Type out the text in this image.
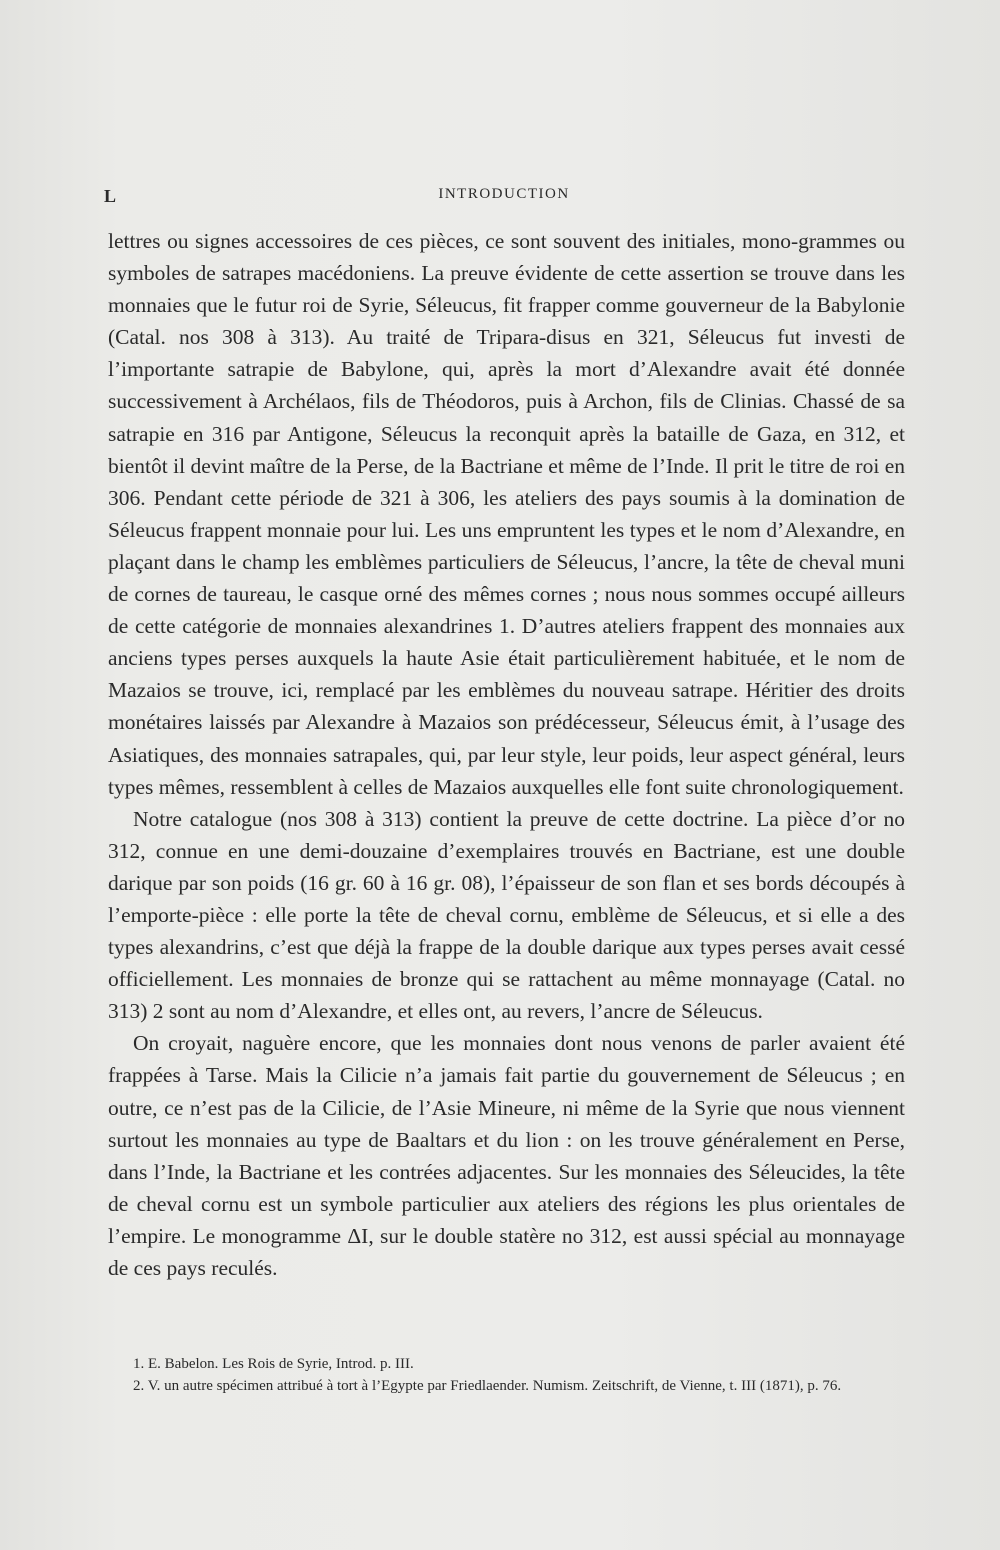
L	INTRODUCTION

lettres ou signes accessoires de ces pièces, ce sont souvent des initiales, mono-grammes ou symboles de satrapes macédoniens. La preuve évidente de cette assertion se trouve dans les monnaies que le futur roi de Syrie, Séleucus, fit frapper comme gouverneur de la Babylonie (Catal. nos 308 à 313). Au traité de Tripara-disus en 321, Séleucus fut investi de l’importante satrapie de Babylone, qui, après la mort d’Alexandre avait été donnée successivement à Archélaos, fils de Théodoros, puis à Archon, fils de Clinias. Chassé de sa satrapie en 316 par Antigone, Séleucus la reconquit après la bataille de Gaza, en 312, et bientôt il devint maître de la Perse, de la Bactriane et même de l’Inde. Il prit le titre de roi en 306. Pendant cette période de 321 à 306, les ateliers des pays soumis à la domination de Séleucus frappent monnaie pour lui. Les uns empruntent les types et le nom d’Alexandre, en plaçant dans le champ les emblèmes particuliers de Séleucus, l’ancre, la tête de cheval muni de cornes de taureau, le casque orné des mêmes cornes ; nous nous sommes occupé ailleurs de cette catégorie de monnaies alexandrines 1. D’autres ateliers frappent des monnaies aux anciens types perses auxquels la haute Asie était particulièrement habituée, et le nom de Mazaios se trouve, ici, remplacé par les emblèmes du nouveau satrape. Héritier des droits monétaires laissés par Alexandre à Mazaios son prédécesseur, Séleucus émit, à l’usage des Asiatiques, des monnaies satrapales, qui, par leur style, leur poids, leur aspect général, leurs types mêmes, ressemblent à celles de Mazaios auxquelles elle font suite chronologiquement.

Notre catalogue (nos 308 à 313) contient la preuve de cette doctrine. La pièce d’or no 312, connue en une demi-douzaine d’exemplaires trouvés en Bactriane, est une double darique par son poids (16 gr. 60 à 16 gr. 08), l’épaisseur de son flan et ses bords découpés à l’emporte-pièce : elle porte la tête de cheval cornu, emblème de Séleucus, et si elle a des types alexandrins, c’est que déjà la frappe de la double darique aux types perses avait cessé officiellement. Les monnaies de bronze qui se rattachent au même monnayage (Catal. no 313) 2 sont au nom d’Alexandre, et elles ont, au revers, l’ancre de Séleucus.

On croyait, naguère encore, que les monnaies dont nous venons de parler avaient été frappées à Tarse. Mais la Cilicie n’a jamais fait partie du gouvernement de Séleucus ; en outre, ce n’est pas de la Cilicie, de l’Asie Mineure, ni même de la Syrie que nous viennent surtout les monnaies au type de Baaltars et du lion : on les trouve généralement en Perse, dans l’Inde, la Bactriane et les contrées adjacentes. Sur les monnaies des Séleucides, la tête de cheval cornu est un symbole particulier aux ateliers des régions les plus orientales de l’empire. Le monogramme ΔΙ, sur le double statère no 312, est aussi spécial au monnayage de ces pays reculés.

1. E. Babelon. Les Rois de Syrie, Introd. p. III.

2. V. un autre spécimen attribué à tort à l’Egypte par Friedlaender. Numism. Zeitschrift, de Vienne, t. III (1871), p. 76.
